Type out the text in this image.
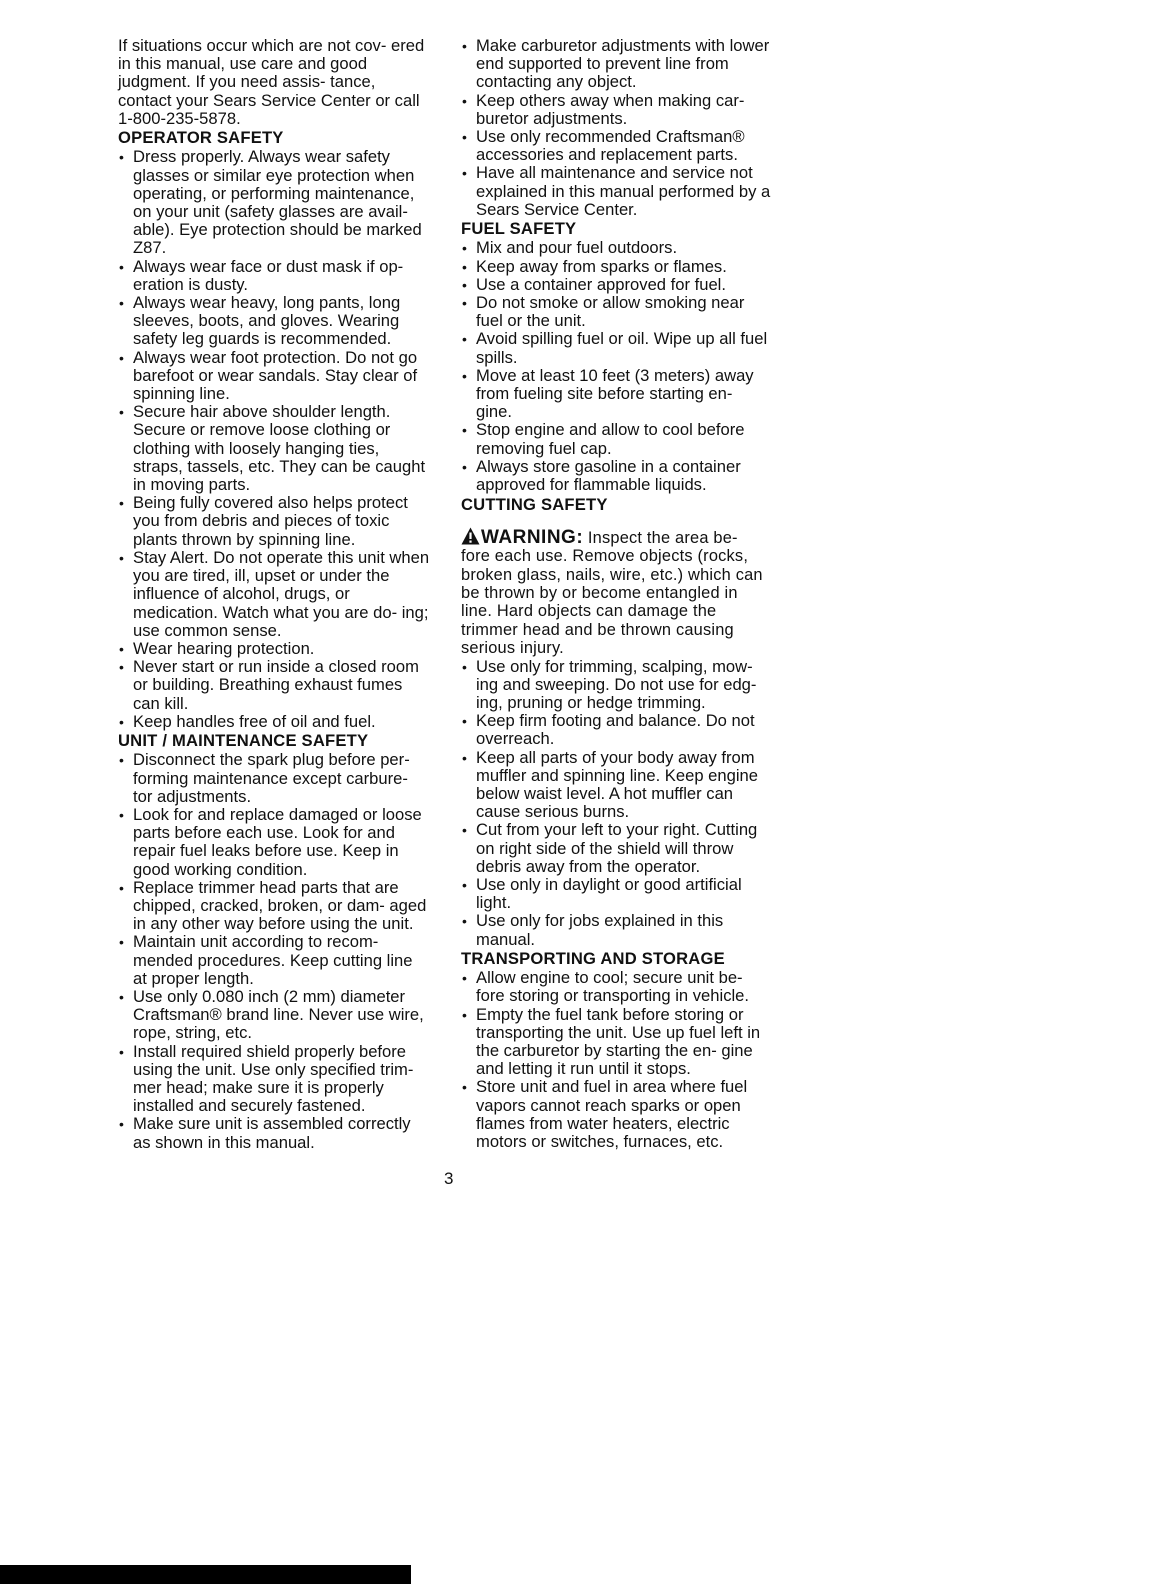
If situations occur which are not cov- ered in this manual, use care and good judgment. If you need assis- tance, contact your Sears Service Center or call 1-800-235-5878.

OPERATOR SAFETY
• Dress properly. Always wear safety glasses or similar eye protection when operating, or performing maintenance, on your unit (safety glasses are avail- able). Eye protection should be marked Z87.
• Always wear face or dust mask if op- eration is dusty.
• Always wear heavy, long pants, long sleeves, boots, and gloves. Wearing safety leg guards is recommended.
• Always wear foot protection. Do not go barefoot or wear sandals. Stay clear of spinning line.
• Secure hair above shoulder length. Secure or remove loose clothing or clothing with loosely hanging ties, straps, tassels, etc. They can be caught in moving parts.
• Being fully covered also helps protect you from debris and pieces of toxic plants thrown by spinning line.
• Stay Alert. Do not operate this unit when you are tired, ill, upset or under the influence of alcohol, drugs, or medication. Watch what you are do- ing; use common sense.
• Wear hearing protection.
• Never start or run inside a closed room or building. Breathing exhaust fumes can kill.
• Keep handles free of oil and fuel.
UNIT / MAINTENANCE SAFETY
• Disconnect the spark plug before per- forming maintenance except carbure- tor adjustments.
• Look for and replace damaged or loose parts before each use. Look for and repair fuel leaks before use. Keep in good working condition.
• Replace trimmer head parts that are chipped, cracked, broken, or dam- aged in any other way before using the unit.
• Maintain unit according to recom- mended procedures. Keep cutting line at proper length.
• Use only 0.080 inch (2 mm) diameter Craftsman® brand line. Never use wire, rope, string, etc.
• Install required shield properly before using the unit. Use only specified trim- mer head; make sure it is properly installed and securely fastened.
• Make sure unit is assembled correctly as shown in this manual.
• Make carburetor adjustments with lower end supported to prevent line from contacting any object.
• Keep others away when making car- buretor adjustments.
• Use only recommended Craftsman® accessories and replacement parts.
• Have all maintenance and service not explained in this manual performed by a Sears Service Center.
FUEL SAFETY
• Mix and pour fuel outdoors.
• Keep away from sparks or flames.
• Use a container approved for fuel.
• Do not smoke or allow smoking near fuel or the unit.
• Avoid spilling fuel or oil. Wipe up all fuel spills.
• Move at least 10 feet (3 meters) away from fueling site before starting en- gine.
• Stop engine and allow to cool before removing fuel cap.
• Always store gasoline in a container approved for flammable liquids.
CUTTING SAFETY

WARNING: Inspect the area be- fore each use. Remove objects (rocks, broken glass, nails, wire, etc.) which can be thrown by or become entangled in line. Hard objects can damage the trimmer head and be thrown causing serious injury.

• Use only for trimming, scalping, mow- ing and sweeping. Do not use for edg- ing, pruning or hedge trimming.
• Keep firm footing and balance. Do not overreach.
• Keep all parts of your body away from muffler and spinning line. Keep engine below waist level. A hot muffler can cause serious burns.
• Cut from your left to your right. Cutting on right side of the shield will throw debris away from the operator.
• Use only in daylight or good artificial light.
• Use only for jobs explained in this manual.
TRANSPORTING AND STORAGE
• Allow engine to cool; secure unit be- fore storing or transporting in vehicle.
• Empty the fuel tank before storing or transporting the unit. Use up fuel left in the carburetor by starting the en- gine and letting it run until it stops.
• Store unit and fuel in area where fuel vapors cannot reach sparks or open flames from water heaters, electric motors or switches, furnaces, etc.
3
